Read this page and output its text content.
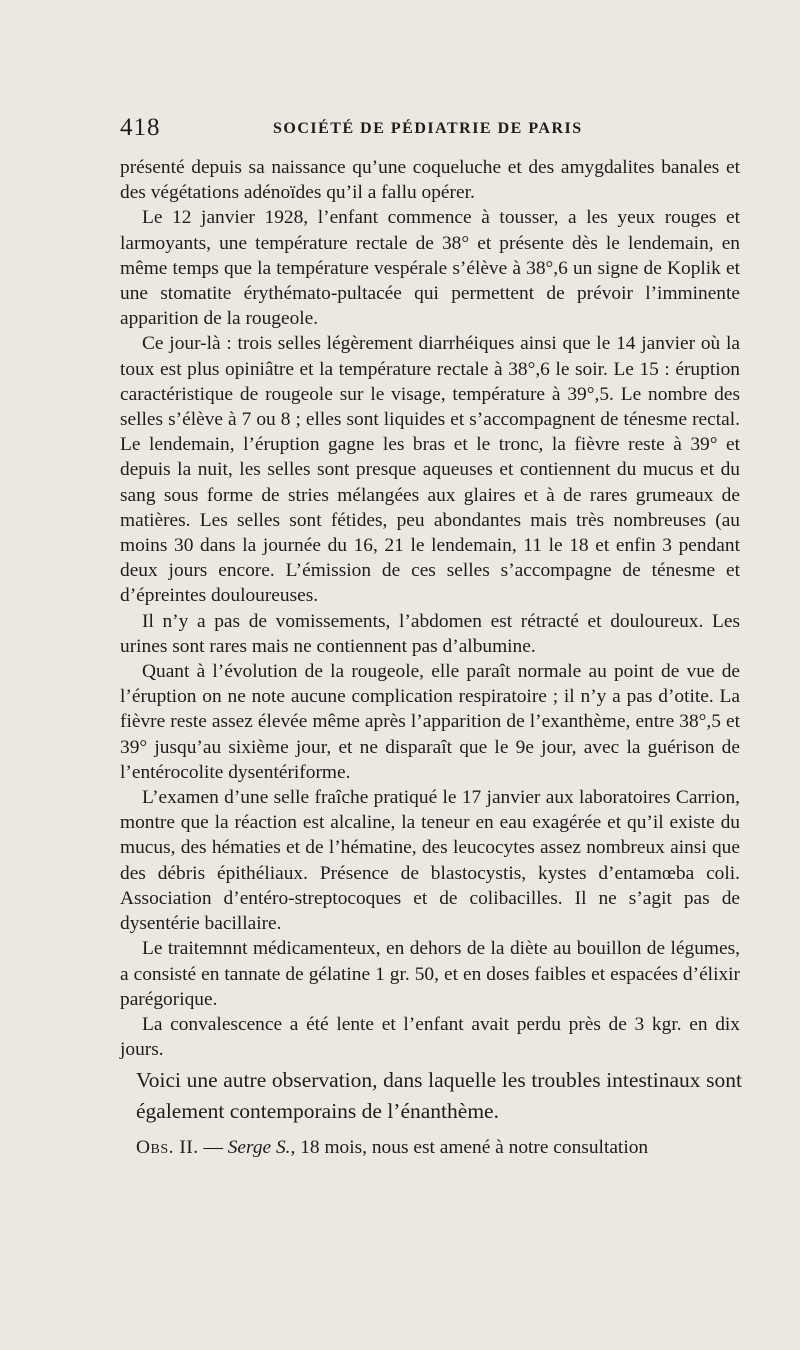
418	SOCIÉTÉ DE PÉDIATRIE DE PARIS

présenté depuis sa naissance qu’une coqueluche et des amygdalites banales et des végétations adénoïdes qu’il a fallu opérer.

Le 12 janvier 1928, l’enfant commence à tousser, a les yeux rouges et larmoyants, une température rectale de 38° et présente dès le lendemain, en même temps que la température vespérale s’élève à 38°,6 un signe de Koplik et une stomatite érythémato-pultacée qui permettent de prévoir l’imminente apparition de la rougeole.

Ce jour-là : trois selles légèrement diarrhéiques ainsi que le 14 janvier où la toux est plus opiniâtre et la température rectale à 38°,6 le soir. Le 15 : éruption caractéristique de rougeole sur le visage, température à 39°,5. Le nombre des selles s’élève à 7 ou 8 ; elles sont liquides et s’accompagnent de ténesme rectal. Le lendemain, l’éruption gagne les bras et le tronc, la fièvre reste à 39° et depuis la nuit, les selles sont presque aqueuses et contiennent du mucus et du sang sous forme de stries mélangées aux glaires et à de rares grumeaux de matières. Les selles sont fétides, peu abondantes mais très nombreuses (au moins 30 dans la journée du 16, 21 le lendemain, 11 le 18 et enfin 3 pendant deux jours encore. L’émission de ces selles s’accompagne de ténesme et d’épreintes douloureuses.

Il n’y a pas de vomissements, l’abdomen est rétracté et douloureux. Les urines sont rares mais ne contiennent pas d’albumine.

Quant à l’évolution de la rougeole, elle paraît normale au point de vue de l’éruption on ne note aucune complication respiratoire ; il n’y a pas d’otite. La fièvre reste assez élevée même après l’apparition de l’exanthème, entre 38°,5 et 39° jusqu’au sixième jour, et ne disparaît que le 9e jour, avec la guérison de l’entérocolite dysentériforme.

L’examen d’une selle fraîche pratiqué le 17 janvier aux laboratoires Carrion, montre que la réaction est alcaline, la teneur en eau exagérée et qu’il existe du mucus, des hématies et de l’hématine, des leucocytes assez nombreux ainsi que des débris épithéliaux. Présence de blastocystis, kystes d’entamœba coli. Association d’entéro-streptocoques et de colibacilles. Il ne s’agit pas de dysentérie bacillaire.

Le traitemnnt médicamenteux, en dehors de la diète au bouillon de légumes, a consisté en tannate de gélatine 1 gr. 50, et en doses faibles et espacées d’élixir parégorique.

La convalescence a été lente et l’enfant avait perdu près de 3 kgr. en dix jours.

Voici une autre observation, dans laquelle les troubles intestinaux sont également contemporains de l’énanthème.

Obs. II. — Serge S., 18 mois, nous est amené à notre consultation
